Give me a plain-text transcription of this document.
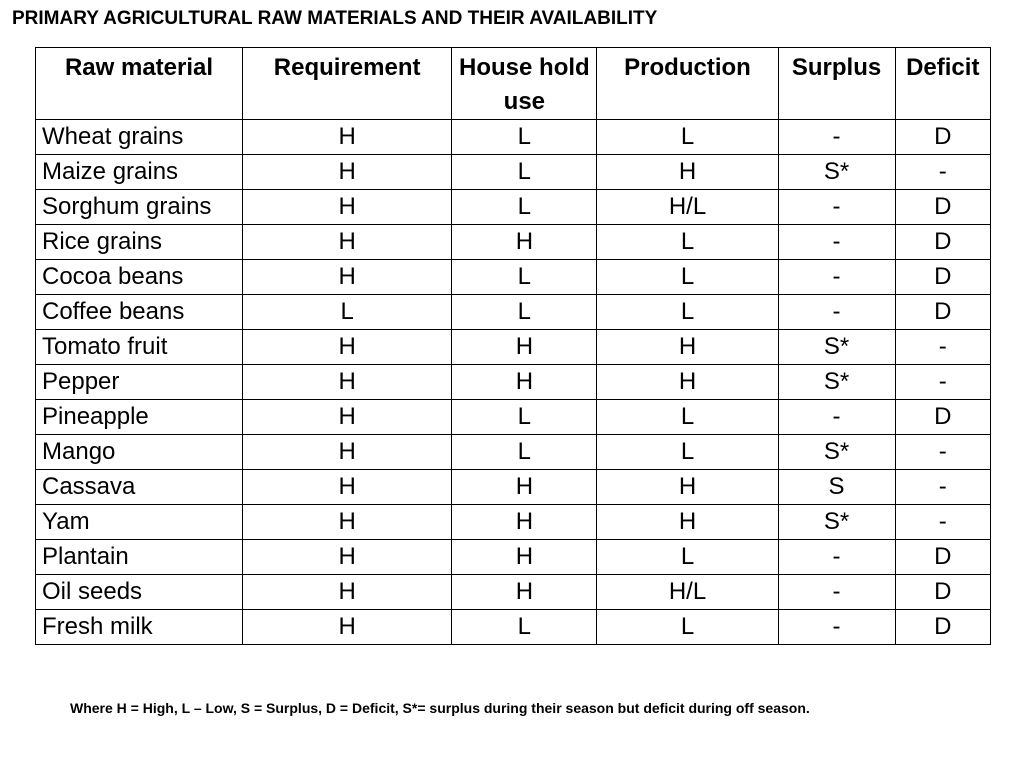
PRIMARY AGRICULTURAL RAW MATERIALS AND THEIR AVAILABILITY
Raw material	Requirement	House hold use	Production	Surplus	Deficit
Wheat grains	H	L	L	-	D
Maize grains	H	L	H	S*	-
Sorghum grains	H	L	H/L	-	D
Rice grains	H	H	L	-	D
Cocoa beans	H	L	L	-	D
Coffee beans	L	L	L	-	D
Tomato fruit	H	H	H	S*	-
Pepper	H	H	H	S*	-
Pineapple	H	L	L	-	D
Mango	H	L	L	S*	-
Cassava	H	H	H	S	-
Yam	H	H	H	S*	-
Plantain	H	H	L	-	D
Oil seeds	H	H	H/L	-	D
Fresh milk	H	L	L	-	D
Where H = High, L – Low, S = Surplus, D = Deficit, S*= surplus during their season but deficit during off season.
